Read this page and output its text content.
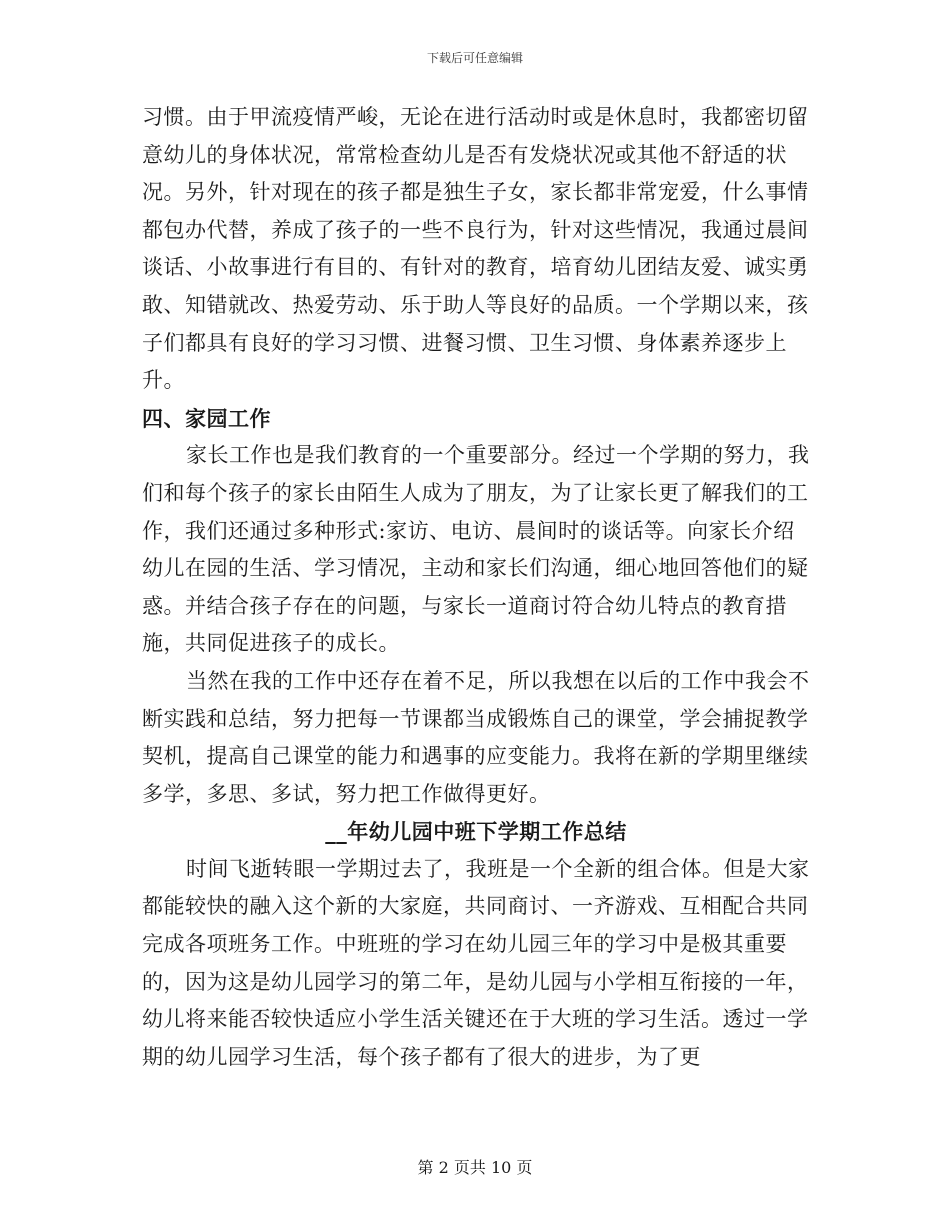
下载后可任意编辑

习惯。由于甲流疫情严峻，无论在进行活动时或是休息时，我都密切留意幼儿的身体状况，常常检查幼儿是否有发烧状况或其他不舒适的状况。另外，针对现在的孩子都是独生子女，家长都非常宠爱，什么事情都包办代替，养成了孩子的一些不良行为，针对这些情况，我通过晨间谈话、小故事进行有目的、有针对的教育，培育幼儿团结友爱、诚实勇敢、知错就改、热爱劳动、乐于助人等良好的品质。一个学期以来，孩子们都具有良好的学习习惯、进餐习惯、卫生习惯、身体素养逐步上升。

四、家园工作

家长工作也是我们教育的一个重要部分。经过一个学期的努力，我们和每个孩子的家长由陌生人成为了朋友，为了让家长更了解我们的工作，我们还通过多种形式:家访、电访、晨间时的谈话等。向家长介绍幼儿在园的生活、学习情况，主动和家长们沟通，细心地回答他们的疑惑。并结合孩子存在的问题，与家长一道商讨符合幼儿特点的教育措施，共同促进孩子的成长。

当然在我的工作中还存在着不足，所以我想在以后的工作中我会不断实践和总结，努力把每一节课都当成锻炼自己的课堂，学会捕捉教学契机，提高自己课堂的能力和遇事的应变能力。我将在新的学期里继续多学，多思、多试，努力把工作做得更好。

__年幼儿园中班下学期工作总结

时间飞逝转眼一学期过去了，我班是一个全新的组合体。但是大家都能较快的融入这个新的大家庭，共同商讨、一齐游戏、互相配合共同完成各项班务工作。中班班的学习在幼儿园三年的学习中是极其重要的，因为这是幼儿园学习的第二年，是幼儿园与小学相互衔接的一年，幼儿将来能否较快适应小学生活关键还在于大班的学习生活。透过一学期的幼儿园学习生活，每个孩子都有了很大的进步，为了更

第 2 页共 10 页
